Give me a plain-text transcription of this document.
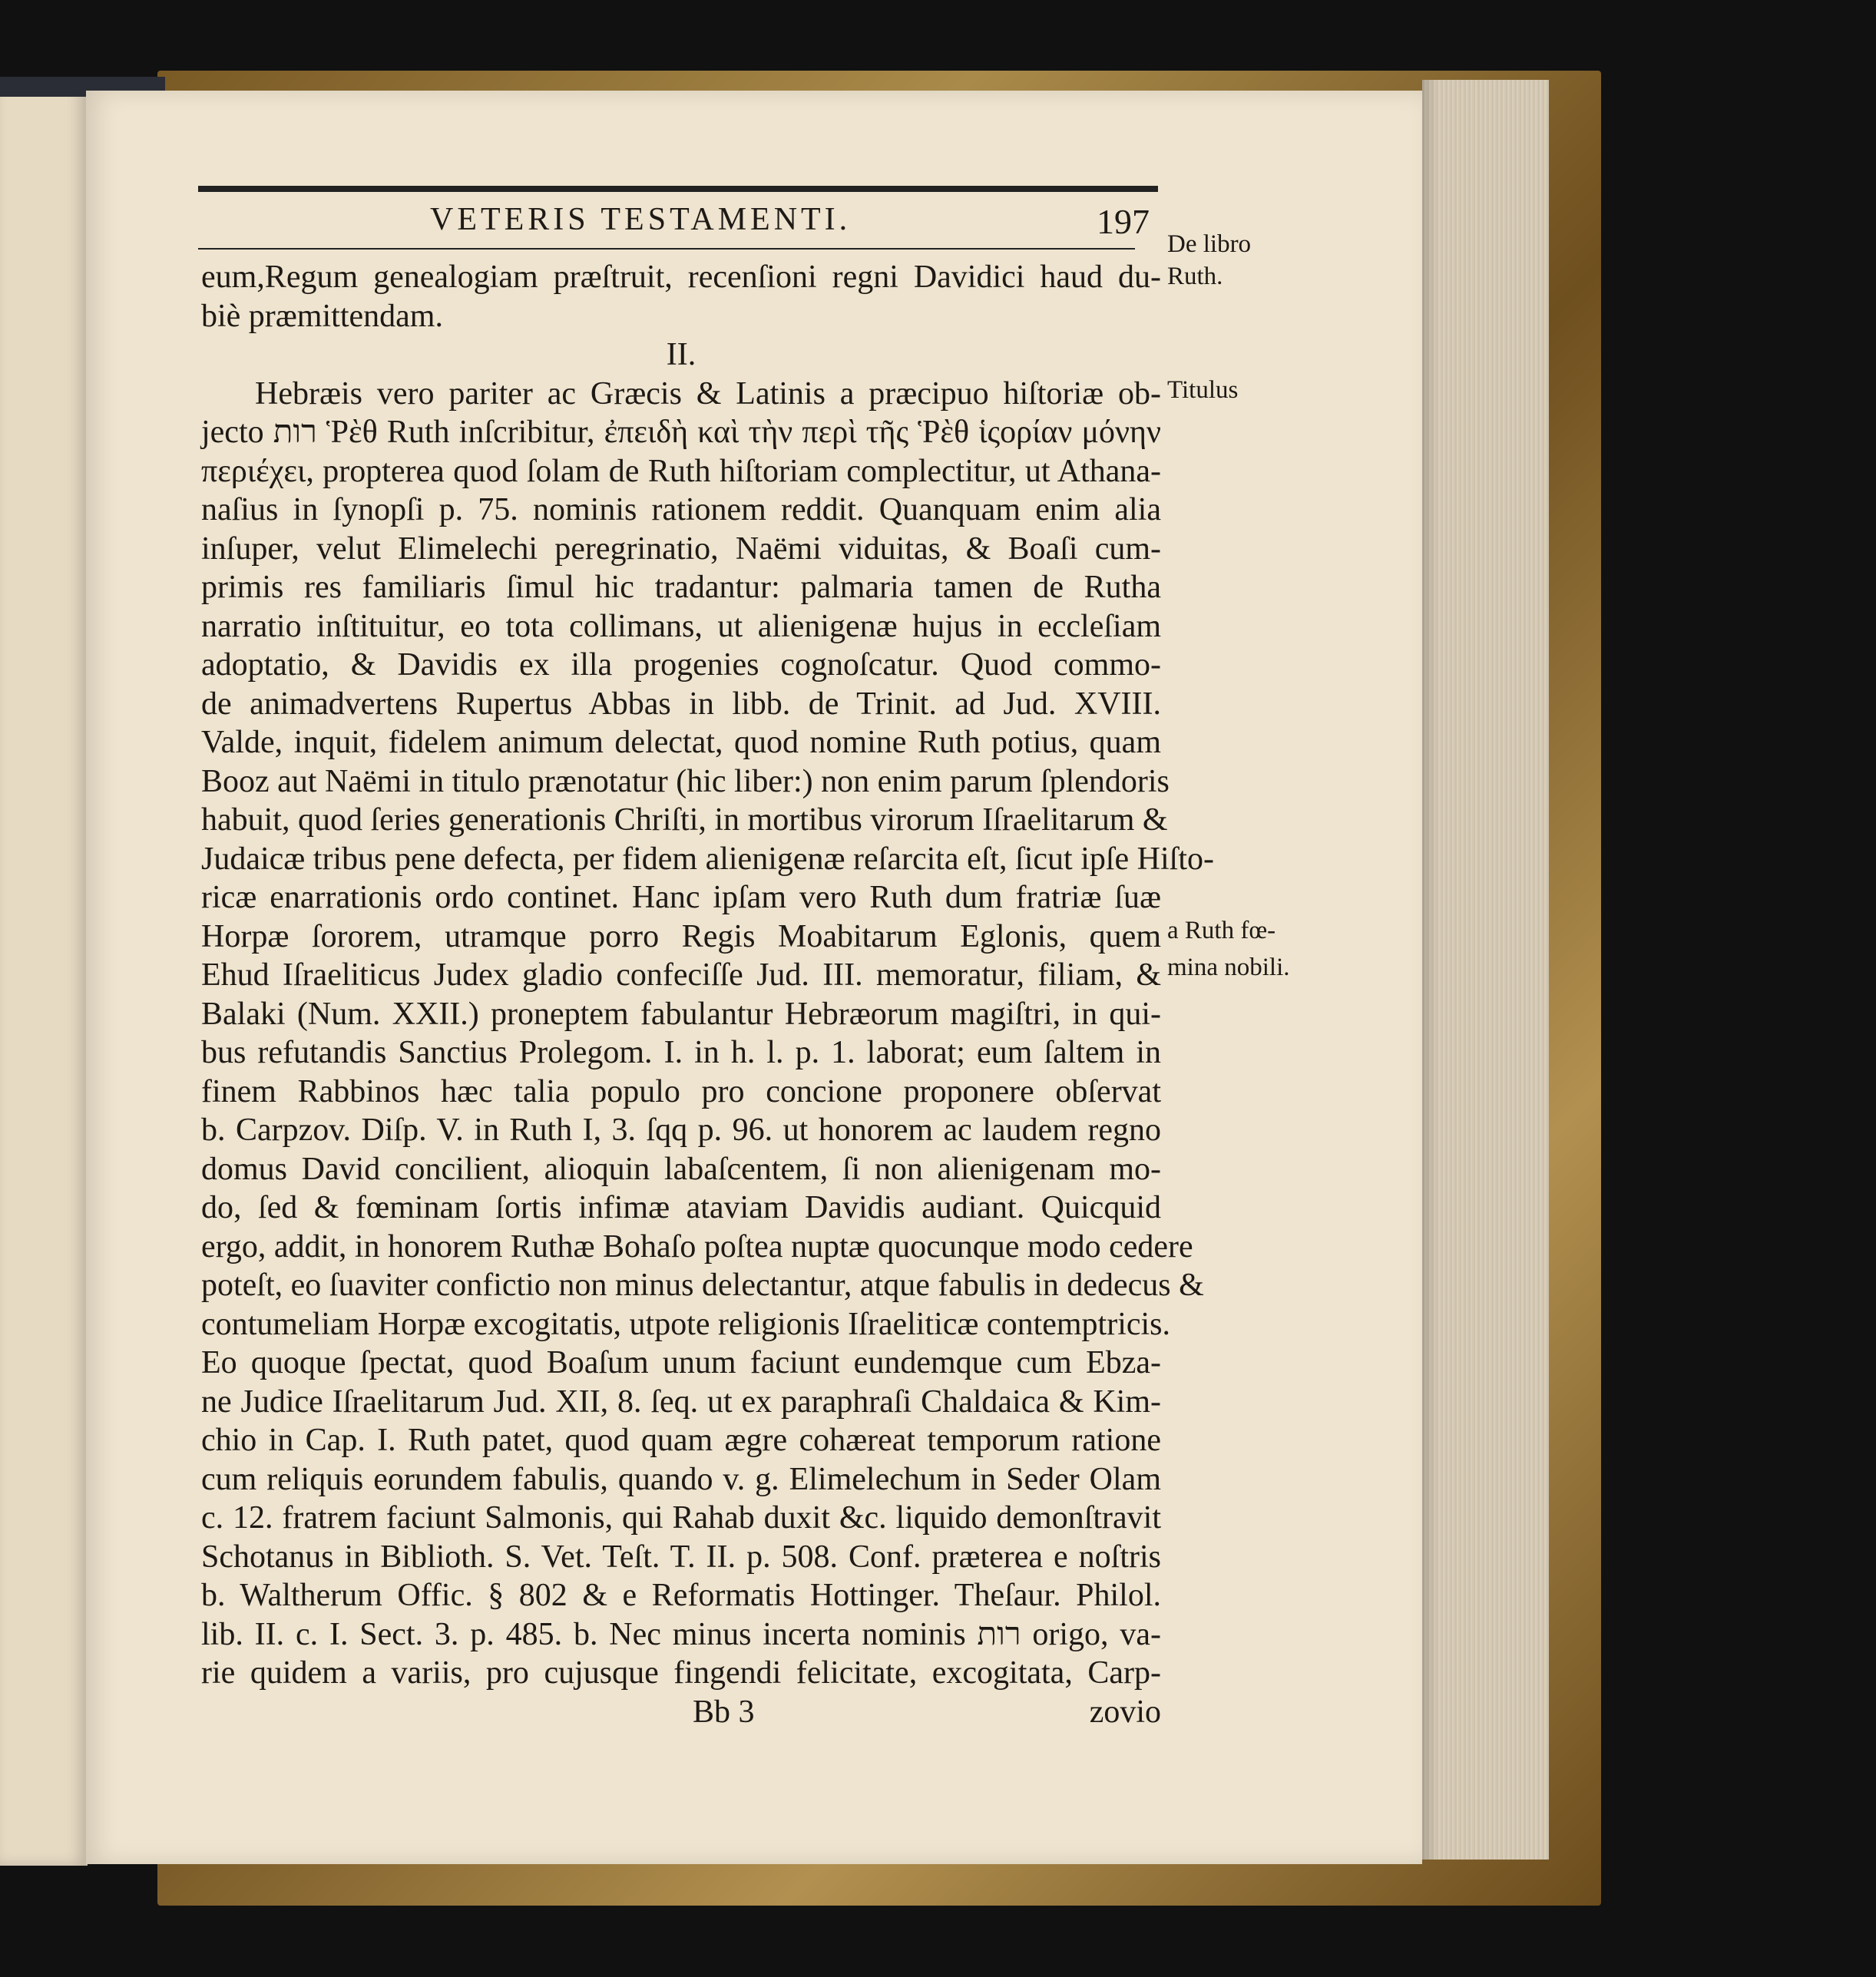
VETERIS TESTAMENTI.	197
De libro
Ruth.
Titulus
a Ruth fœ-
mina nobili.
eum,Regum genealogiam præſtruit, recenſioni regni Davidici haud du-
biè præmittendam.
II.
Hebræis vero pariter ac Græcis & Latinis a præcipuo hiſtoriæ ob-
jecto רות Ῥὲθ Ruth inſcribitur, ἐπειδὴ καὶ τὴν περὶ τῆς Ῥὲθ ἱςορίαν μόνην
περιέχει, propterea quod ſolam de Ruth hiſtoriam complectitur, ut Athana-
naſius in ſynopſi p. 75. nominis rationem reddit. Quanquam enim alia
inſuper, velut Elimelechi peregrinatio, Naëmi viduitas, & Boaſi cum-
primis res familiaris ſimul hic tradantur: palmaria tamen de Rutha
narratio inſtituitur, eo tota collimans, ut alienigenæ hujus in eccleſiam
adoptatio, & Davidis ex illa progenies cognoſcatur. Quod commo-
de animadvertens Rupertus Abbas in libb. de Trinit. ad Jud. XVIII.
Valde, inquit, fidelem animum delectat, quod nomine Ruth potius, quam
Booz aut Naëmi in titulo prænotatur (hic liber:) non enim parum ſplendoris
habuit, quod ſeries generationis Chriſti, in mortibus virorum Iſraelitarum &
Judaicæ tribus pene defecta, per fidem alienigenæ reſarcita eſt, ſicut ipſe Hiſto-
ricæ enarrationis ordo continet. Hanc ipſam vero Ruth dum fratriæ ſuæ
Horpæ ſororem, utramque porro Regis Moabitarum Eglonis, quem
Ehud Iſraeliticus Judex gladio confeciſſe Jud. III. memoratur, filiam, &
Balaki (Num. XXII.) proneptem fabulantur Hebræorum magiſtri, in qui-
bus refutandis Sanctius Prolegom. I. in h. l. p. 1. laborat; eum ſaltem in
finem Rabbinos hæc talia populo pro concione proponere obſervat
b. Carpzov. Diſp. V. in Ruth I, 3. ſqq p. 96. ut honorem ac laudem regno
domus David concilient, alioquin labaſcentem, ſi non alienigenam mo-
do, ſed & fœminam ſortis infimæ ataviam Davidis audiant. Quicquid
ergo, addit, in honorem Ruthæ Bohaſo poſtea nuptæ quocunque modo cedere
poteſt, eo ſuaviter confictio non minus delectantur, atque fabulis in dedecus &
contumeliam Horpæ excogitatis, utpote religionis Iſraeliticæ contemptricis.
Eo quoque ſpectat, quod Boaſum unum faciunt eundemque cum Ebza-
ne Judice Iſraelitarum Jud. XII, 8. ſeq. ut ex paraphraſi Chaldaica & Kim-
chio in Cap. I. Ruth patet, quod quam ægre cohæreat temporum ratione
cum reliquis eorundem fabulis, quando v. g. Elimelechum in Seder Olam
c. 12. fratrem faciunt Salmonis, qui Rahab duxit &c. liquido demonſtravit
Schotanus in Biblioth. S. Vet. Teſt. T. II. p. 508. Conf. præterea e noſtris
b. Waltherum Offic. § 802 & e Reformatis Hottinger. Theſaur. Philol.
lib. II. c. I. Sect. 3. p. 485. b. Nec minus incerta nominis רות origo, va-
rie quidem a variis, pro cujusque fingendi felicitate, excogitata, Carp-
Bb 3	zovio
